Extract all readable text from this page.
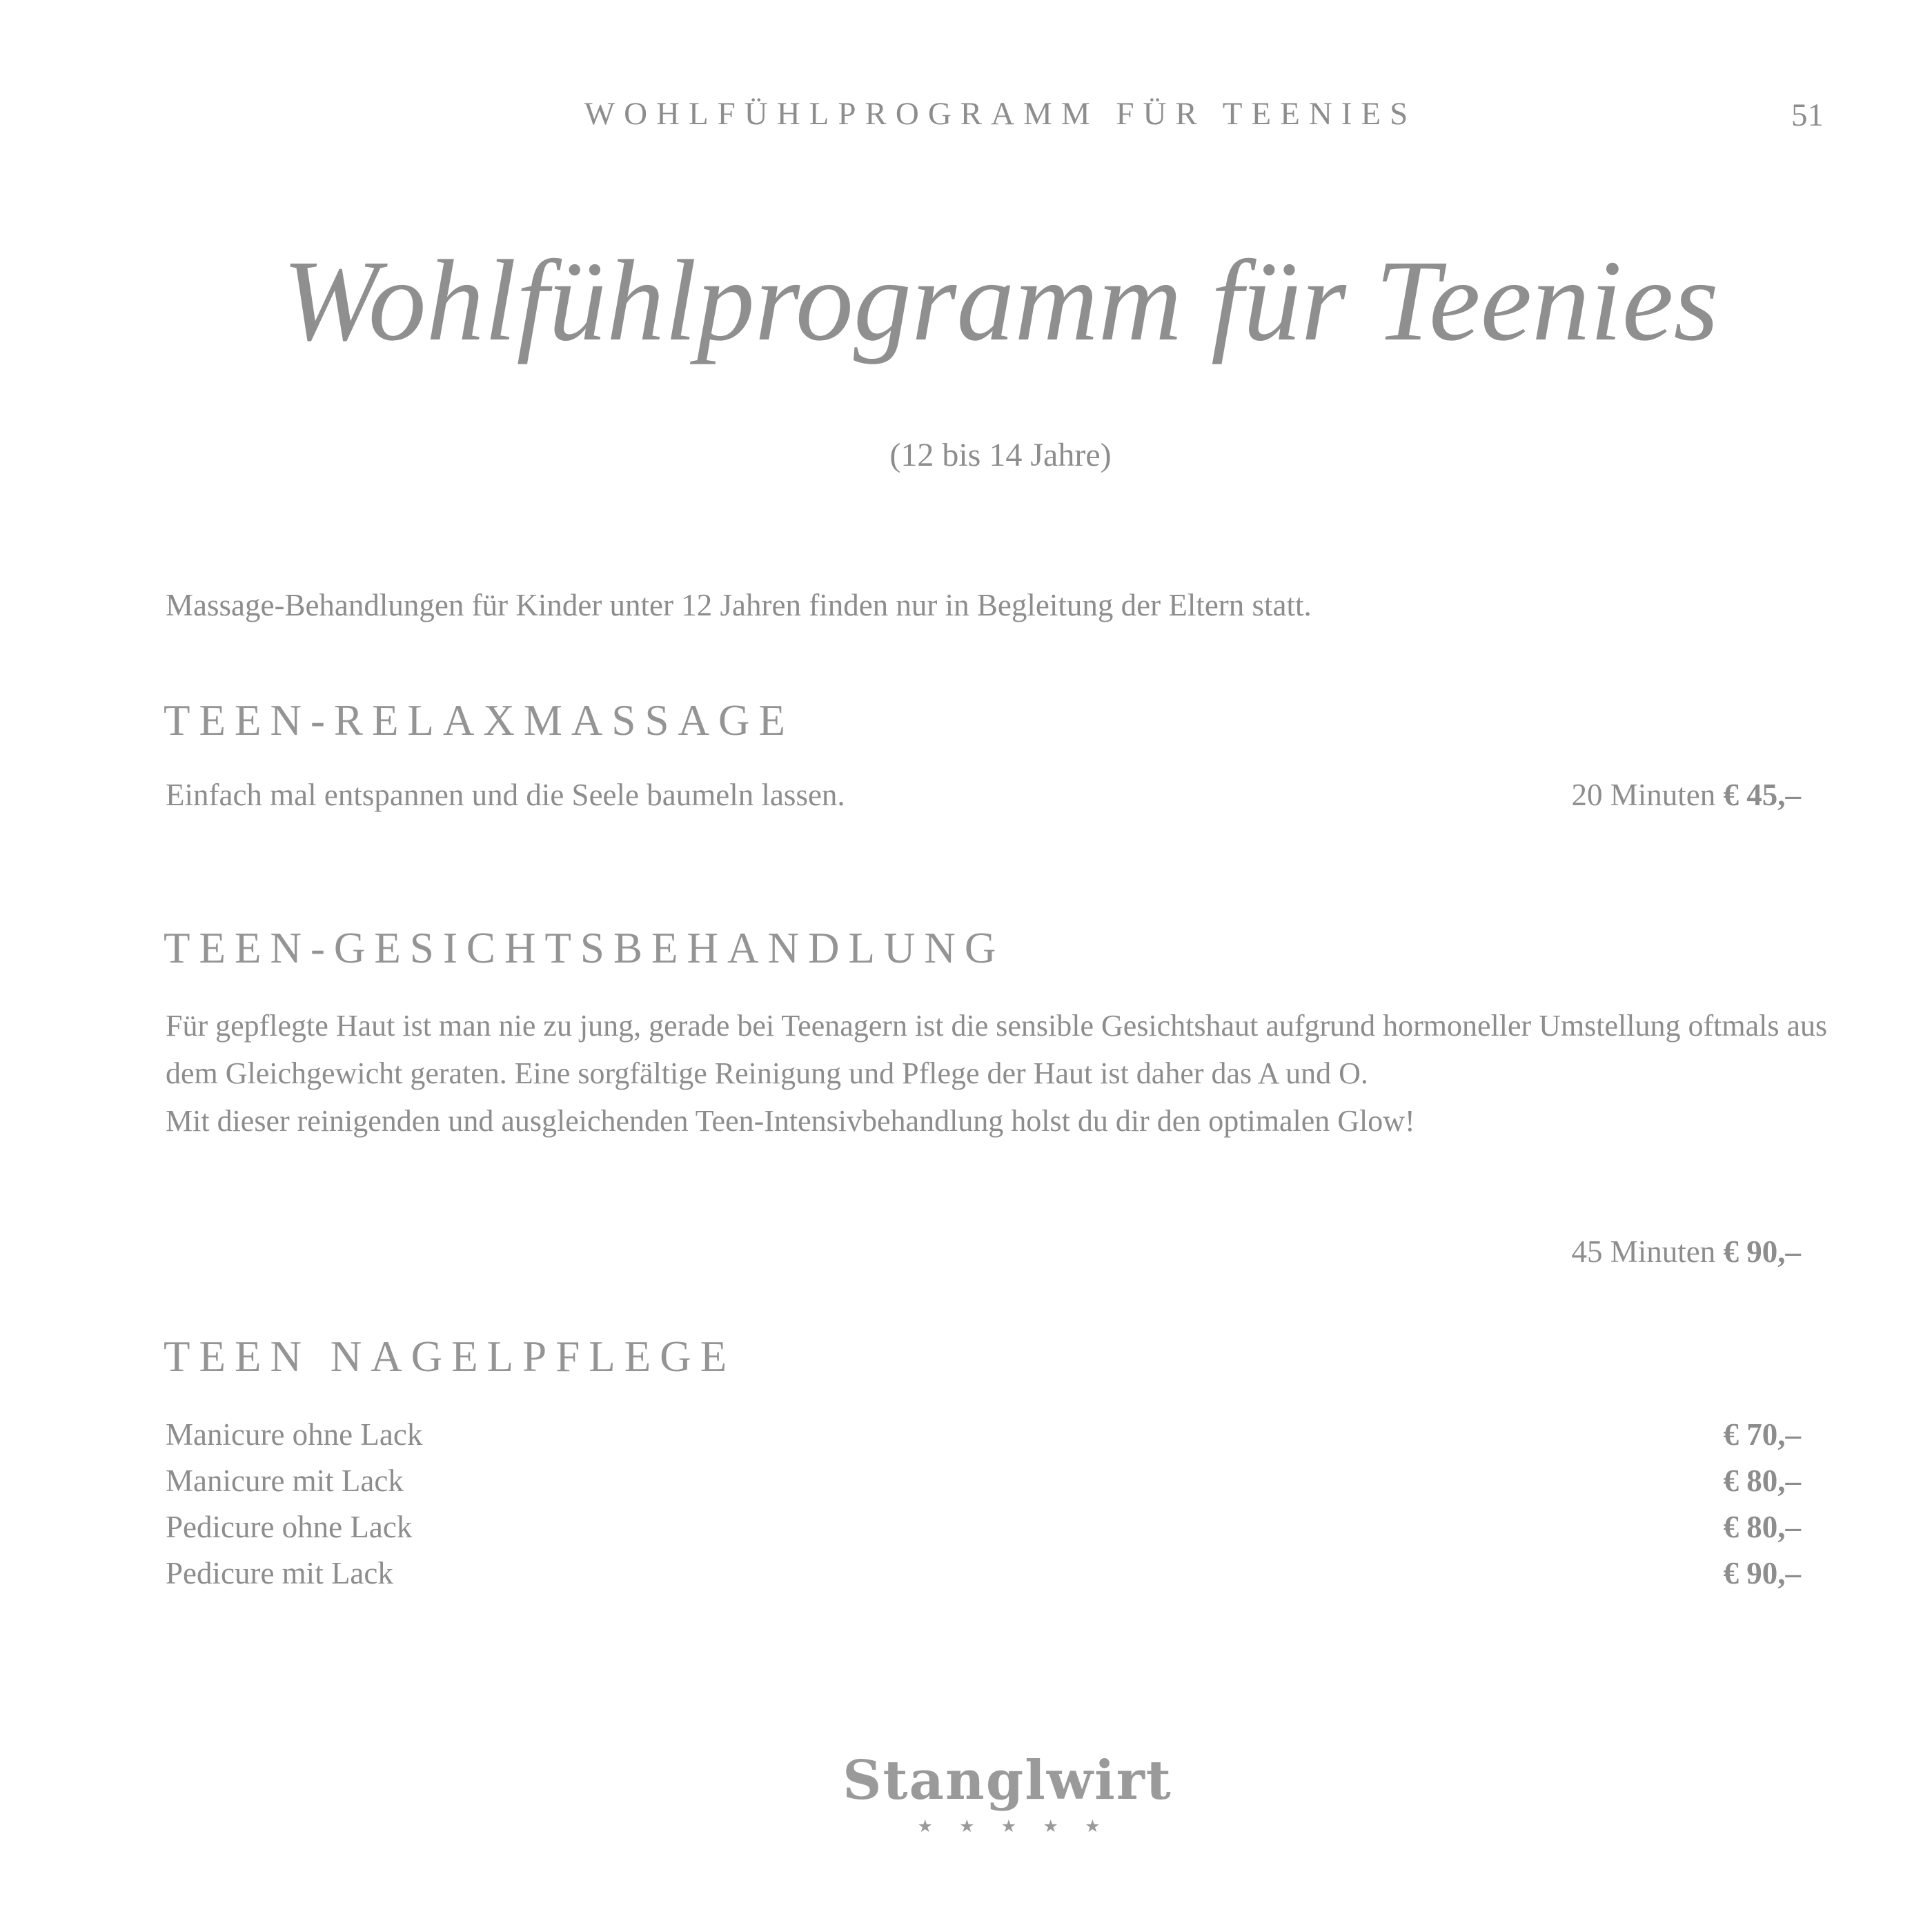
WOHLFÜHLPROGRAMM FÜR TEENIES	51
Wohlfühlprogramm für Teenies
(12 bis 14 Jahre)

Massage-Behandlungen für Kinder unter 12 Jahren finden nur in Begleitung der Eltern statt.

TEEN-RELAXMASSAGE
Einfach mal entspannen und die Seele baumeln lassen.	20 Minuten € 45,–
TEEN-GESICHTSBEHANDLUNG

Für gepflegte Haut ist man nie zu jung, gerade bei Teenagern ist die sensible Gesichtshaut aufgrund hormoneller Umstellung oftmals aus dem Gleichgewicht geraten. Eine sorgfältige Reinigung und Pflege der Haut ist daher das A und O.

Mit dieser reinigenden und ausgleichenden Teen-Intensivbehandlung holst du dir den optimalen Glow!

45 Minuten € 90,–
TEEN NAGELPFLEGE
Manicure ohne Lack	€ 70,–
Manicure mit Lack	€ 80,–
Pedicure ohne Lack	€ 80,–
Pedicure mit Lack	€ 90,–
Stanglwirt
★ ★ ★ ★ ★
